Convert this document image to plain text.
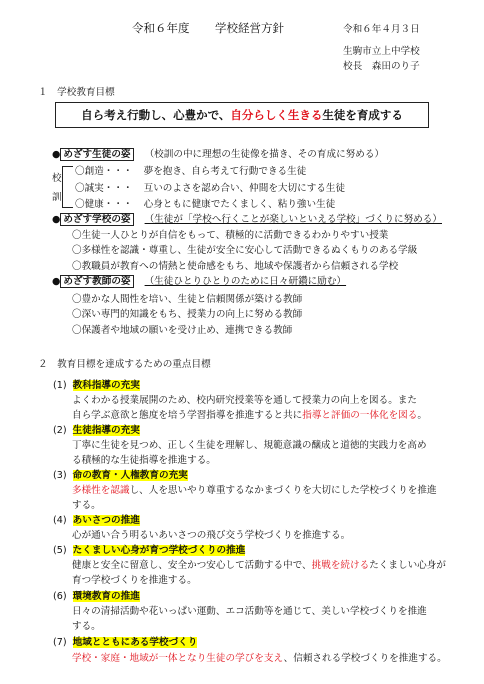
令和６年度 学校経営方針	令和６年４月３日
生駒市立上中学校
校長　森田のり子
１　学校教育目標
自ら考え行動し、心豊かで、 自分らしく生きる 生徒を育成する
● めざす生徒の姿 （校訓の中に理想の生徒像を描き、その育成に努める）
校
訓
〇創造・・・ 夢を抱き、自ら考えて行動できる生徒
〇誠実・・・ 互いのよさを認め合い、仲間を大切にする生徒
〇健康・・・ 心身ともに健康でたくましく、粘り強い生徒
● めざす学校の姿 （生徒が「学校へ行くことが楽しいといえる学校」づくりに努める）
〇生徒一人ひとりが自信をもって、積極的に活動できるわかりやすい授業
〇多様性を認識・尊重し、生徒が安全に安心して活動できるぬくもりのある学級
〇教職員が教育への情熱と使命感をもち、地域や保護者から信頼される学校
● めざす教師の姿 （生徒ひとりひとりのために日々研鑽に励む）
〇豊かな人間性を培い、生徒と信頼関係が築ける教師
〇深い専門的知識をもち、授業力の向上に努める教師
〇保護者や地域の願いを受け止め、連携できる教師
２　教育目標を達成するための重点目標
(1) 教科指導の充実
よくわかる授業展開のため、校内研究授業等を通して授業力の向上を図る。また
自ら学ぶ意欲と態度を培う学習指導を推進すると共に指導と評価の一体化を図る。
(2) 生徒指導の充実
丁寧に生徒を見つめ、正しく生徒を理解し、規範意識の醸成と道徳的実践力を高め
る積極的な生徒指導を推進する。
(3) 命の教育・人権教育の充実
多様性を認識し、人を思いやり尊重するなかまづくりを大切にした学校づくりを推進
する。
(4) あいさつの推進
心が通い合う明るいあいさつの飛び交う学校づくりを推進する。
(5) たくましい心身が育つ学校づくりの推進
健康と安全に留意し、安全かつ安心して活動する中で、挑戦を続けるたくましい心身が
育つ学校づくりを推進する。
(6) 環境教育の推進
日々の清掃活動や花いっぱい運動、エコ活動等を通じて、美しい学校づくりを推進
する。
(7) 地域とともにある学校づくり
学校・家庭・地域が一体となり生徒の学びを支え、信頼される学校づくりを推進する。
